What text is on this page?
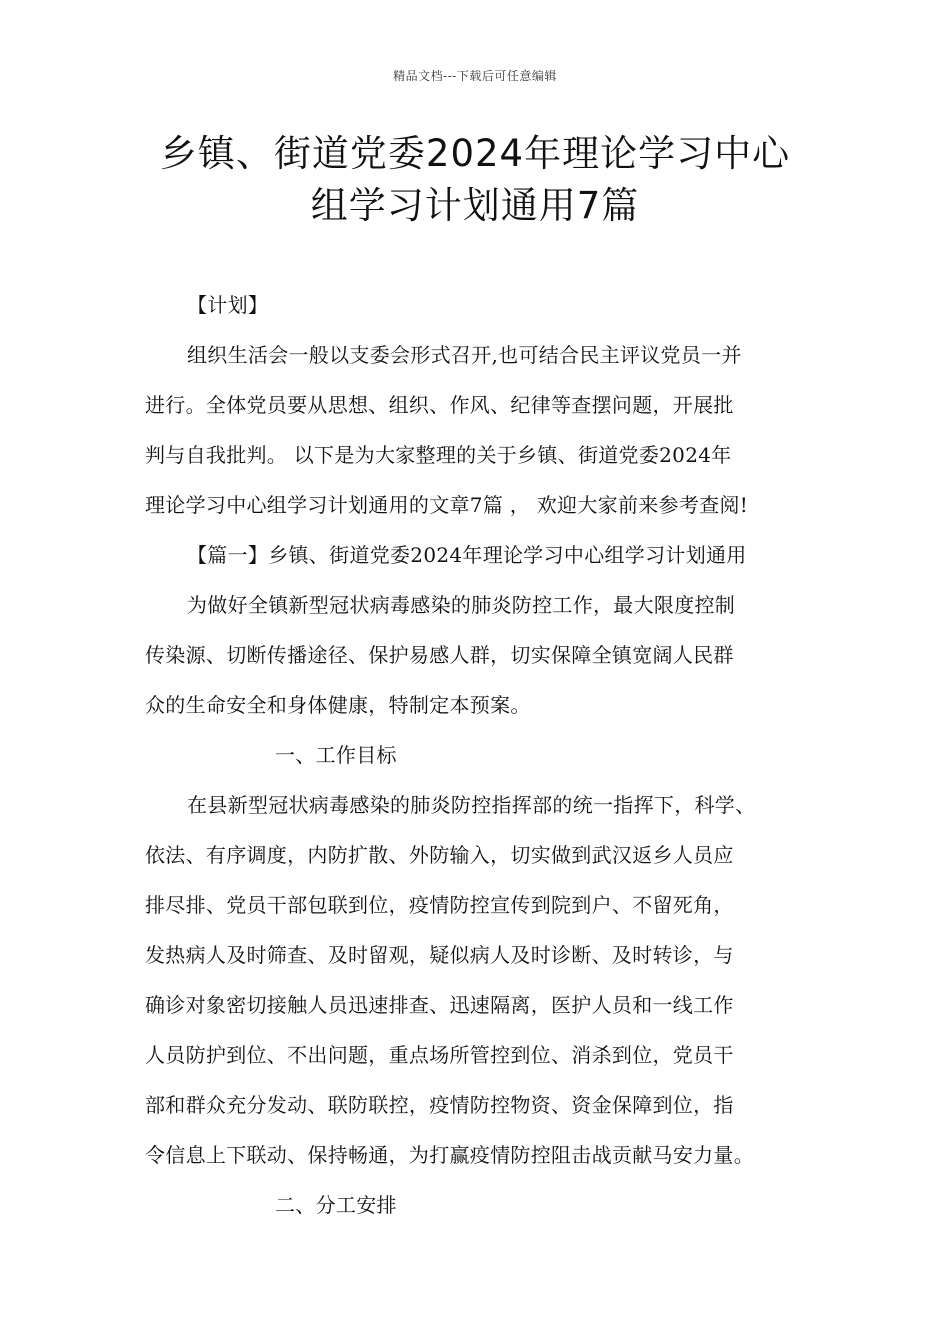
精品文档---下载后可任意编辑
乡镇、街道党委2024年理论学习中心
组学习计划通用7篇
【计划】
组织生活会一般以支委会形式召开,也可结合民主评议党员一并
进行。全体党员要从思想、组织、作风、纪律等查摆问题，开展批
判与自我批判。 以下是为大家整理的关于乡镇、街道党委2024年
理论学习中心组学习计划通用的文章7篇 ， 欢迎大家前来参考查阅!
【篇一】乡镇、街道党委2024年理论学习中心组学习计划通用
为做好全镇新型冠状病毒感染的肺炎防控工作，最大限度控制
传染源、切断传播途径、保护易感人群，切实保障全镇宽阔人民群
众的生命安全和身体健康，特制定本预案。
一、工作目标
在县新型冠状病毒感染的肺炎防控指挥部的统一指挥下，科学、
依法、有序调度，内防扩散、外防输入，切实做到武汉返乡人员应
排尽排、党员干部包联到位，疫情防控宣传到院到户、不留死角，
发热病人及时筛查、及时留观，疑似病人及时诊断、及时转诊，与
确诊对象密切接触人员迅速排查、迅速隔离，医护人员和一线工作
人员防护到位、不出问题，重点场所管控到位、消杀到位，党员干
部和群众充分发动、联防联控，疫情防控物资、资金保障到位，指
令信息上下联动、保持畅通，为打赢疫情防控阻击战贡献马安力量。
二、分工安排
